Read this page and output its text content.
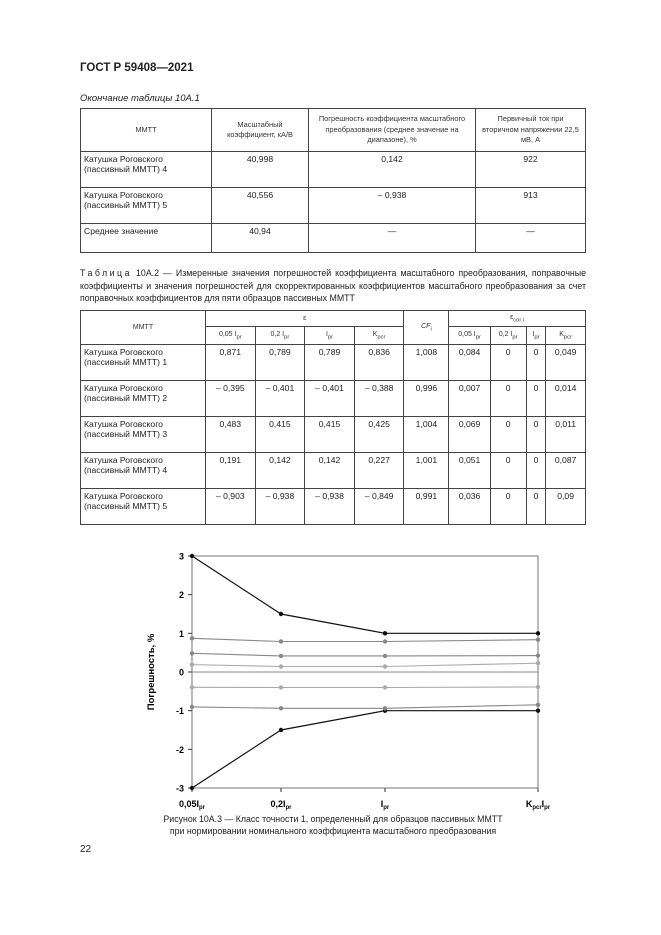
ГОСТ Р 59408—2021
Окончание таблицы 10А.1
ММТТ	Масштабный коэффициент, кА/В	Погрешность коэффициента масштабного преобразования (среднее значение на диапазоне), %	Первичный ток при вторичном напряжении 22,5 мВ, А
Катушка Роговского (пассивный ММТТ) 4	40,998	0,142	922
Катушка Роговского (пассивный ММТТ) 5	40,556	– 0,938	913
Среднее значение	40,94	—	—
Таблица 10А.2 — Измеренные значения погрешностей коэффициента масштабного преобразования, поправочные коэффициенты и значения погрешностей для скорректированных коэффициентов масштабного преобразования за счет поправочных коэффициентов для пяти образцов пассивных ММТТ
ММТТ	ε				$CF_i$	$\varepsilon_{cor i}$
	0,05 $I_{pr}$	0,2 $I_{pr}$	$I_{pr}$	$K_{pcr}$		0,05 $I_{pr}$	0,2 $I_{pr}$	$I_{pr}$	$K_{pcr}$
Катушка Роговского (пассивный ММТТ) 1	0,871	0,789	0,789	0,836	1,008	0,084	0	0	0,049
Катушка Роговского (пассивный ММТТ) 2	– 0,395	– 0,401	– 0,401	– 0,388	0,996	0,007	0	0	0,014
Катушка Роговского (пассивный ММТТ) 3	0,483	0,415	0,415	0,425	1,004	0,069	0	0	0,011
Катушка Роговского (пассивный ММТТ) 4	0,191	0,142	0,142	0,227	1,001	0,051	0	0	0,087
Катушка Роговского (пассивный ММТТ) 5	– 0,903	– 0,938	– 0,938	– 0,849	0,991	0,036	0	0	0,09
3
2
1
0
-1
-2
-3
$0,05I_{pr}$	$0,2I_{pr}$	$I_{pr}$	$K_{pcr}I_{pr}$
Погрешность, %
Рисунок 10А.3 — Класс точности 1, определенный для образцов пассивных ММТТ
при нормировании номинального коэффициента масштабного преобразования
22
